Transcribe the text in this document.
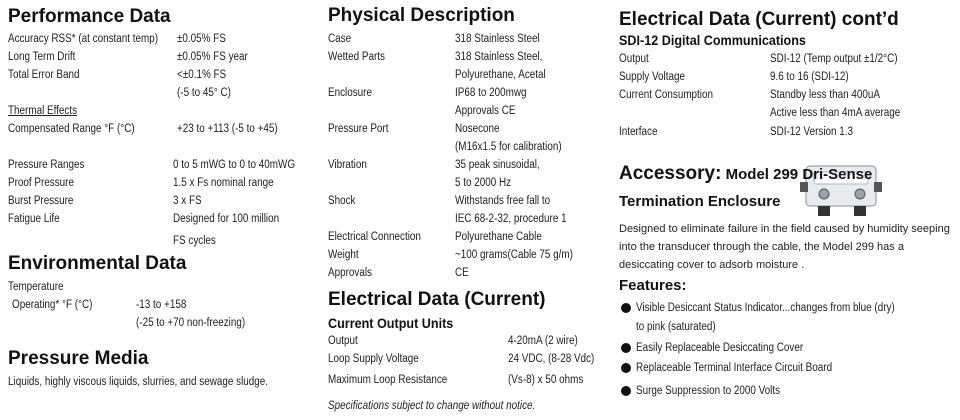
Performance Data
Accuracy RSS* (at constant temp) ±0.05% FS
Long Term Drift	±0.05% FS year
Total Error Band	<±0.1% FS
(-5 to 45° C)
Thermal Effects
Compensated Range °F (°C)	+23 to +113 (-5 to +45)
Pressure Ranges	0 to 5 mWG to 0 to 40mWG
Proof Pressure	1.5 x Fs nominal range
Burst Pressure	3 x FS
Fatigue Life	Designed for 100 million
FS cycles
Environmental Data
Temperature
Operating* °F (°C)	-13 to +158
(-25 to +70 non-freezing)
Pressure Media
Liquids, highly viscous liquids, slurries, and sewage sludge.
Physical Description
Case	318 Stainless Steel
Wetted Parts	318 Stainless Steel,
Polyurethane, Acetal
Enclosure	IP68 to 200mwg
Approvals CE
Pressure Port	Nosecone
(M16x1.5 for calibration)
Vibration	35 peak sinusoidal,
5 to 2000 Hz
Shock	Withstands free fall to
IEC 68-2-32, procedure 1
Electrical Connection	Polyurethane Cable
Weight	~100 grams(Cable 75 g/m)
Approvals	CE
Electrical Data (Current)
Current Output Units
Output	4-20mA (2 wire)
Loop Supply Voltage	24 VDC, (8-28 Vdc)
Maximum Loop Resistance	(Vs-8) x 50 ohms
Specifications subject to change without notice.
Electrical Data (Current) cont’d
SDI-12 Digital Communications
Output	SDI-12 (Temp output ±1/2°C)
Supply Voltage	9.6 to 16 (SDI-12)
Current Consumption	Standby less than 400uA
Active less than 4mA average
Interface	SDI-12 Version 1.3
Accessory: Model 299 Dri-Sense
Termination Enclosure
Designed to eliminate failure in the field caused by humidity seeping into the transducer through the cable, the Model 299 has a desiccating cover to adsorb moisture .
Features:
Visible Desiccant Status Indicator...changes from blue (dry)
to pink (saturated)
Easily Replaceable Desiccating Cover
Replaceable Terminal Interface Circuit Board
Surge Suppression to 2000 Volts
